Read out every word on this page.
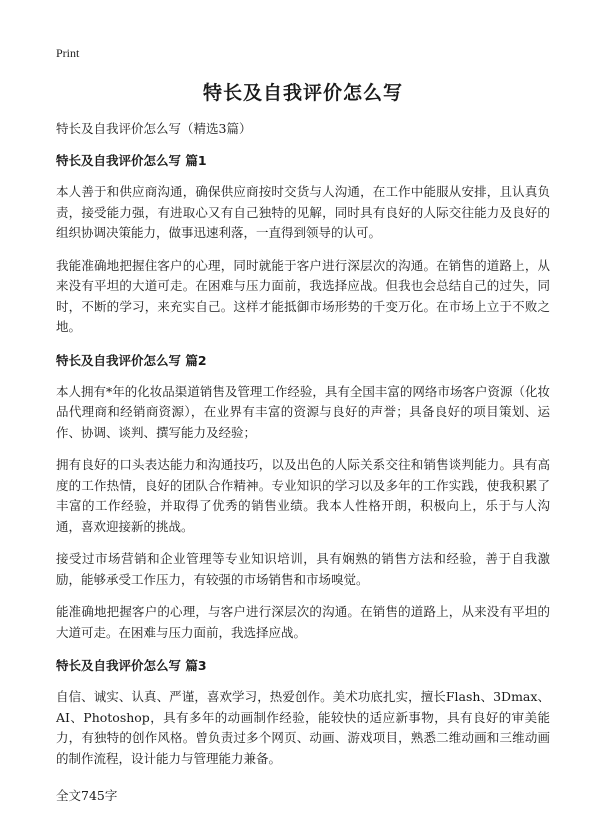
Print
特长及自我评价怎么写
特长及自我评价怎么写（精选3篇）
特长及自我评价怎么写 篇1
本人善于和供应商沟通，确保供应商按时交货与人沟通，在工作中能服从安排，且认真负责，接受能力强，有进取心又有自己独特的见解，同时具有良好的人际交往能力及良好的组织协调决策能力，做事迅速利落，一直得到领导的认可。
我能准确地把握住客户的心理，同时就能于客户进行深层次的沟通。在销售的道路上，从来没有平坦的大道可走。在困难与压力面前，我选择应战。但我也会总结自己的过失，同时，不断的学习，来充实自己。这样才能抵御市场形势的千变万化。在市场上立于不败之地。
特长及自我评价怎么写 篇2
本人拥有*年的化妆品渠道销售及管理工作经验，具有全国丰富的网络市场客户资源（化妆品代理商和经销商资源），在业界有丰富的资源与良好的声誉；具备良好的项目策划、运作、协调、谈判、撰写能力及经验；
拥有良好的口头表达能力和沟通技巧，以及出色的人际关系交往和销售谈判能力。具有高度的工作热情，良好的团队合作精神。专业知识的学习以及多年的工作实践，使我积累了丰富的工作经验，并取得了优秀的销售业绩。我本人性格开朗，积极向上，乐于与人沟通，喜欢迎接新的挑战。
接受过市场营销和企业管理等专业知识培训，具有娴熟的销售方法和经验，善于自我激励，能够承受工作压力，有较强的市场销售和市场嗅觉。
能准确地把握客户的心理，与客户进行深层次的沟通。在销售的道路上，从来没有平坦的大道可走。在困难与压力面前，我选择应战。
特长及自我评价怎么写 篇3
自信、诚实、认真、严谨，喜欢学习，热爱创作。美术功底扎实，擅长Flash、3Dmax、AI、Photoshop，具有多年的动画制作经验，能较快的适应新事物，具有良好的审美能力，有独特的创作风格。曾负责过多个网页、动画、游戏项目，熟悉二维动画和三维动画的制作流程，设计能力与管理能力兼备。
全文745字
